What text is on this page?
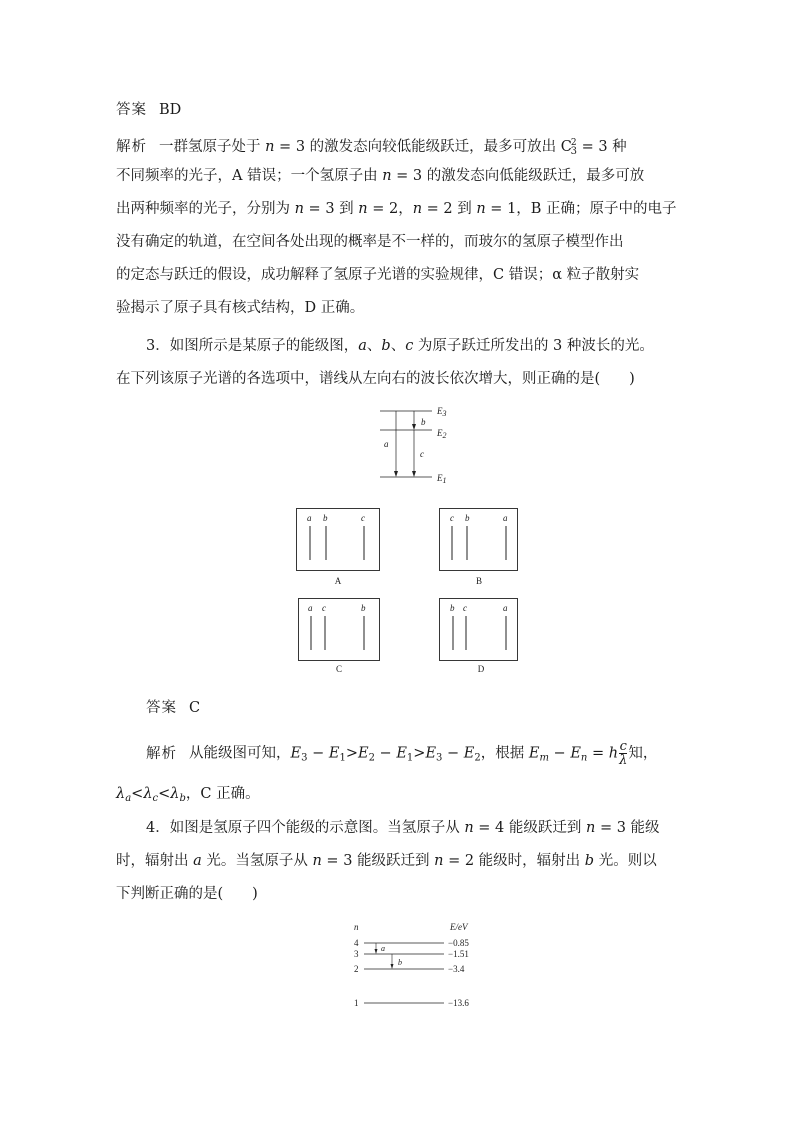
答案 BD
解析 一群氢原子处于 n = 3 的激发态向较低能级跃迁，最多可放出 $C^2_3 = 3$ 种
不同频率的光子，A 错误；一个氢原子由 n = 3 的激发态向低能级跃迁，最多可放
出两种频率的光子，分别为 n = 3 到 n = 2，n = 2 到 n = 1，B 正确；原子中的电子
没有确定的轨道，在空间各处出现的概率是不一样的，而玻尔的氢原子模型作出
的定态与跃迁的假设，成功解释了氢原子光谱的实验规律，C 错误；α 粒子散射实
验揭示了原子具有核式结构，D 正确。
3．如图所示是某原子的能级图，a、b、c 为原子跃迁所发出的 3 种波长的光。
在下列该原子光谱的各选项中，谱线从左向右的波长依次增大，则正确的是(　　)
E3
E2
E1
a
b
c
a b	c
A
c b	a
B
a c	b
C
b c	a
D
答案 C
解析 从能级图可知，$E_3 - E_1>E_2 - E_1>E_3 - E_2$，根据 $E_m - E_n = h \frac{c}{\lambda}$ 知，
$\lambda_a<\lambda_c<\lambda_b$，C 正确。
4．如图是氢原子四个能级的示意图。当氢原子从 n = 4 能级跃迁到 n = 3 能级
时，辐射出 a 光。当氢原子从 n = 3 能级跃迁到 n = 2 能级时，辐射出 b 光。则以
下判断正确的是(　　)
n	E/eV
4	−0.85
3	−1.51
2	−3.4
1	−13.6
a
b
